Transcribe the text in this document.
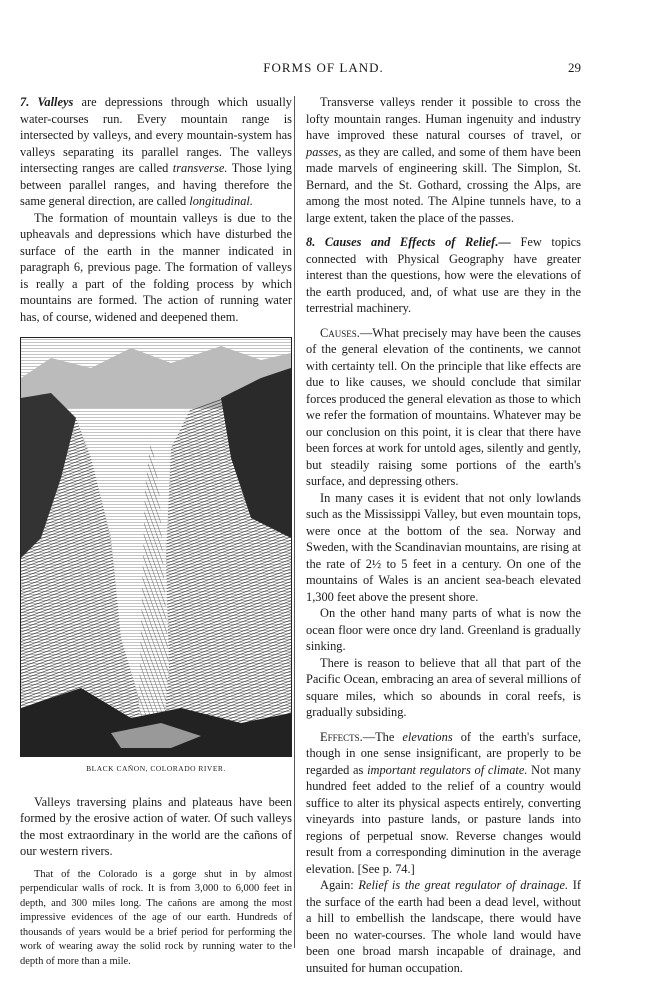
FORMS OF LAND.	29

7. Valleys are depressions through which usually water-courses run. Every mountain range is intersected by valleys, and every mountain-system has valleys separating its parallel ranges. The valleys intersecting ranges are called transverse. Those lying between parallel ranges, and having therefore the same general direction, are called longitudinal.

The formation of mountain valleys is due to the upheavals and depressions which have disturbed the surface of the earth in the manner indicated in paragraph 6, previous page. The formation of valleys is really a part of the folding process by which mountains are formed. The action of running water has, of course, widened and deepened them.

BLACK CAÑON, COLORADO RIVER.

Valleys traversing plains and plateaus have been formed by the erosive action of water. Of such valleys the most extraordinary in the world are the cañons of our western rivers.

That of the Colorado is a gorge shut in by almost perpendicular walls of rock. It is from 3,000 to 6,000 feet in depth, and 300 miles long. The cañons are among the most impressive evidences of the age of our earth. Hundreds of thousands of years would be a brief period for performing the work of wearing away the solid rock by running water to the depth of more than a mile.

Transverse valleys render it possible to cross the lofty mountain ranges. Human ingenuity and industry have improved these natural courses of travel, or passes, as they are called, and some of them have been made marvels of engineering skill. The Simplon, St. Bernard, and the St. Gothard, crossing the Alps, are among the most noted. The Alpine tunnels have, to a large extent, taken the place of the passes.

8. Causes and Effects of Relief.— Few topics connected with Physical Geography have greater interest than the questions, how were the elevations of the earth produced, and, of what use are they in the terrestrial machinery.

Causes.—What precisely may have been the causes of the general elevation of the continents, we cannot with certainty tell. On the principle that like effects are due to like causes, we should conclude that similar forces produced the general elevation as those to which we refer the formation of mountains. Whatever may be our conclusion on this point, it is clear that there have been forces at work for untold ages, silently and gently, but steadily raising some portions of the earth's surface, and depressing others.

In many cases it is evident that not only lowlands such as the Mississippi Valley, but even mountain tops, were once at the bottom of the sea. Norway and Sweden, with the Scandinavian mountains, are rising at the rate of 2½ to 5 feet in a century. On one of the mountains of Wales is an ancient sea-beach elevated 1,300 feet above the present shore.

On the other hand many parts of what is now the ocean floor were once dry land. Greenland is gradually sinking.

There is reason to believe that all that part of the Pacific Ocean, embracing an area of several millions of square miles, which so abounds in coral reefs, is gradually subsiding.

Effects.—The elevations of the earth's surface, though in one sense insignificant, are properly to be regarded as important regulators of climate. Not many hundred feet added to the relief of a country would suffice to alter its physical aspects entirely, converting vineyards into pasture lands, or pasture lands into regions of perpetual snow. Reverse changes would result from a corresponding diminution in the average elevation. [See p. 74.]

Again: Relief is the great regulator of drainage. If the surface of the earth had been a dead level, without a hill to embellish the landscape, there would have been no water-courses. The whole land would have been one broad marsh incapable of drainage, and unsuited for human occupation.
